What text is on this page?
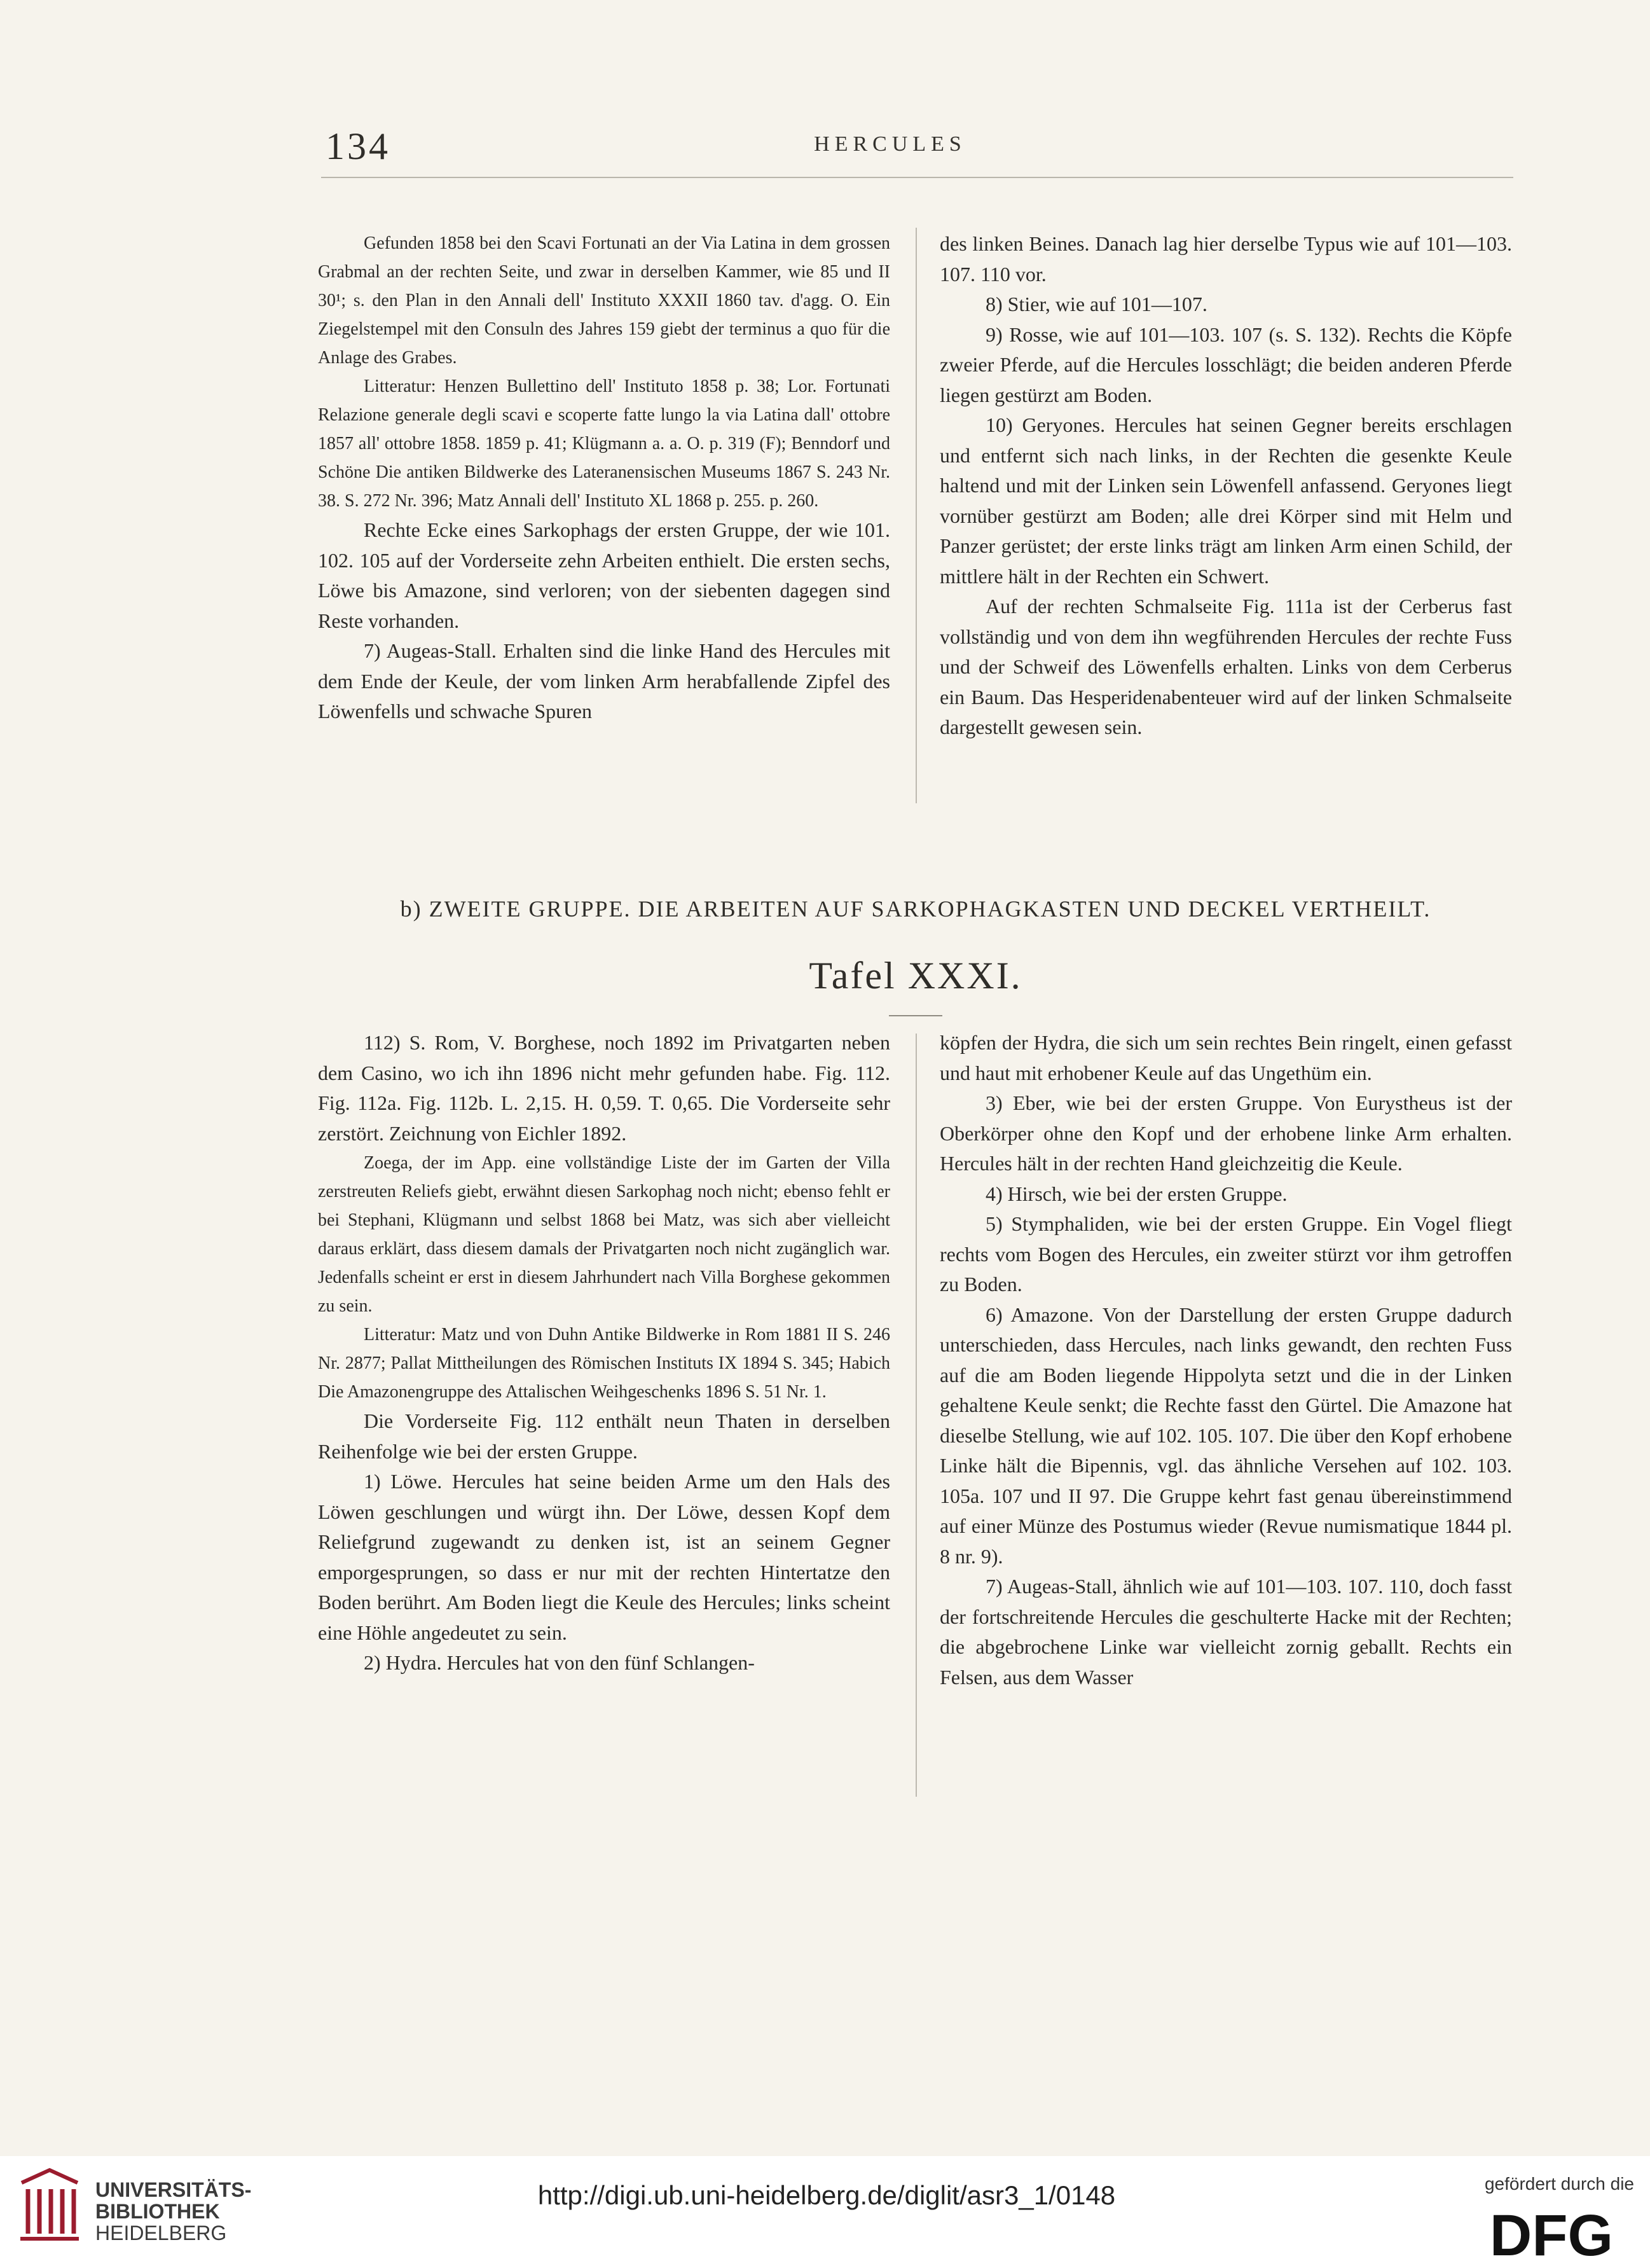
134	HERCULES

Gefunden 1858 bei den Scavi Fortunati an der Via Latina in dem grossen Grabmal an der rechten Seite, und zwar in derselben Kammer, wie 85 und II 30¹; s. den Plan in den Annali dell' Instituto XXXII 1860 tav. d'agg. O. Ein Ziegelstempel mit den Consuln des Jahres 159 giebt der terminus a quo für die Anlage des Grabes.

Litteratur: Henzen Bullettino dell' Instituto 1858 p. 38; Lor. Fortunati Relazione generale degli scavi e scoperte fatte lungo la via Latina dall' ottobre 1857 all' ottobre 1858. 1859 p. 41; Klügmann a. a. O. p. 319 (F); Benndorf und Schöne Die antiken Bildwerke des Lateranensischen Museums 1867 S. 243 Nr. 38. S. 272 Nr. 396; Matz Annali dell' Instituto XL 1868 p. 255. p. 260.

Rechte Ecke eines Sarkophags der ersten Gruppe, der wie 101. 102. 105 auf der Vorderseite zehn Arbeiten enthielt. Die ersten sechs, Löwe bis Amazone, sind verloren; von der siebenten dagegen sind Reste vorhanden.

7) Augeas-Stall. Erhalten sind die linke Hand des Hercules mit dem Ende der Keule, der vom linken Arm herabfallende Zipfel des Löwenfells und schwache Spuren

des linken Beines. Danach lag hier derselbe Typus wie auf 101—103. 107. 110 vor.

8) Stier, wie auf 101—107.

9) Rosse, wie auf 101—103. 107 (s. S. 132). Rechts die Köpfe zweier Pferde, auf die Hercules losschlägt; die beiden anderen Pferde liegen gestürzt am Boden.

10) Geryones. Hercules hat seinen Gegner bereits erschlagen und entfernt sich nach links, in der Rechten die gesenkte Keule haltend und mit der Linken sein Löwenfell anfassend. Geryones liegt vornüber gestürzt am Boden; alle drei Körper sind mit Helm und Panzer gerüstet; der erste links trägt am linken Arm einen Schild, der mittlere hält in der Rechten ein Schwert.

Auf der rechten Schmalseite Fig. 111a ist der Cerberus fast vollständig und von dem ihn wegführenden Hercules der rechte Fuss und der Schweif des Löwenfells erhalten. Links von dem Cerberus ein Baum. Das Hesperidenabenteuer wird auf der linken Schmalseite dargestellt gewesen sein.

b) ZWEITE GRUPPE. DIE ARBEITEN AUF SARKOPHAGKASTEN UND DECKEL VERTHEILT.
Tafel XXXI.

112) S. Rom, V. Borghese, noch 1892 im Privatgarten neben dem Casino, wo ich ihn 1896 nicht mehr gefunden habe. Fig. 112. Fig. 112a. Fig. 112b. L. 2,15. H. 0,59. T. 0,65. Die Vorderseite sehr zerstört. Zeichnung von Eichler 1892.

Zoega, der im App. eine vollständige Liste der im Garten der Villa zerstreuten Reliefs giebt, erwähnt diesen Sarkophag noch nicht; ebenso fehlt er bei Stephani, Klügmann und selbst 1868 bei Matz, was sich aber vielleicht daraus erklärt, dass diesem damals der Privatgarten noch nicht zugänglich war. Jedenfalls scheint er erst in diesem Jahrhundert nach Villa Borghese gekommen zu sein.

Litteratur: Matz und von Duhn Antike Bildwerke in Rom 1881 II S. 246 Nr. 2877; Pallat Mittheilungen des Römischen Instituts IX 1894 S. 345; Habich Die Amazonengruppe des Attalischen Weihgeschenks 1896 S. 51 Nr. 1.

Die Vorderseite Fig. 112 enthält neun Thaten in derselben Reihenfolge wie bei der ersten Gruppe.

1) Löwe. Hercules hat seine beiden Arme um den Hals des Löwen geschlungen und würgt ihn. Der Löwe, dessen Kopf dem Reliefgrund zugewandt zu denken ist, ist an seinem Gegner emporgesprungen, so dass er nur mit der rechten Hintertatze den Boden berührt. Am Boden liegt die Keule des Hercules; links scheint eine Höhle angedeutet zu sein.

2) Hydra. Hercules hat von den fünf Schlangen-

köpfen der Hydra, die sich um sein rechtes Bein ringelt, einen gefasst und haut mit erhobener Keule auf das Ungethüm ein.

3) Eber, wie bei der ersten Gruppe. Von Eurystheus ist der Oberkörper ohne den Kopf und der erhobene linke Arm erhalten. Hercules hält in der rechten Hand gleichzeitig die Keule.

4) Hirsch, wie bei der ersten Gruppe.

5) Stymphaliden, wie bei der ersten Gruppe. Ein Vogel fliegt rechts vom Bogen des Hercules, ein zweiter stürzt vor ihm getroffen zu Boden.

6) Amazone. Von der Darstellung der ersten Gruppe dadurch unterschieden, dass Hercules, nach links gewandt, den rechten Fuss auf die am Boden liegende Hippolyta setzt und die in der Linken gehaltene Keule senkt; die Rechte fasst den Gürtel. Die Amazone hat dieselbe Stellung, wie auf 102. 105. 107. Die über den Kopf erhobene Linke hält die Bipennis, vgl. das ähnliche Versehen auf 102. 103. 105a. 107 und II 97. Die Gruppe kehrt fast genau übereinstimmend auf einer Münze des Postumus wieder (Revue numismatique 1844 pl. 8 nr. 9).

7) Augeas-Stall, ähnlich wie auf 101—103. 107. 110, doch fasst der fortschreitende Hercules die geschulterte Hacke mit der Rechten; die abgebrochene Linke war vielleicht zornig geballt. Rechts ein Felsen, aus dem Wasser

UNIVERSITÄTS-
BIBLIOTHEK
HEIDELBERG
http://digi.ub.uni-heidelberg.de/diglit/asr3_1/0148	gefördert durch die
DFG
